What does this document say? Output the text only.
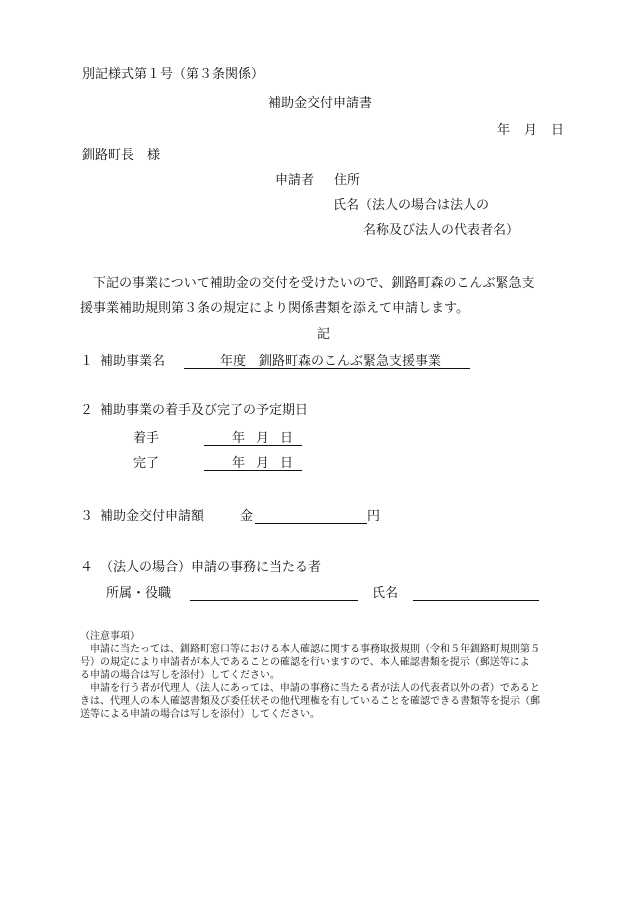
別記様式第１号（第３条関係）
補助金交付申請書
年 月 日
釧路町長　様
申請者 住所
氏名（法人の場合は法人の
名称及び法人の代表者名）
下記の事業について補助金の交付を受けたいので、釧路町森のこんぶ緊急支
援事業補助規則第３条の規定により関係書類を添えて申請します。
記
１ 補助事業名	年度　釧路町森のこんぶ緊急支援事業
２ 補助事業の着手及び完了の予定期日
着手	年 月 日
完了	年 月 日
３ 補助金交付申請額	金	円
４ （法人の場合）申請の事務に当たる者
所属・役職	氏名
（注意事項）
申請に当たっては、釧路町窓口等における本人確認に関する事務取扱規則（令和５年釧路町規則第５
号）の規定により申請者が本人であることの確認を行いますので、本人確認書類を提示（郵送等によ
る申請の場合は写しを添付）してください。
申請を行う者が代理人（法人にあっては、申請の事務に当たる者が法人の代表者以外の者）であると
きは、代理人の本人確認書類及び委任状その他代理権を有していることを確認できる書類等を提示（郵
送等による申請の場合は写しを添付）してください。
